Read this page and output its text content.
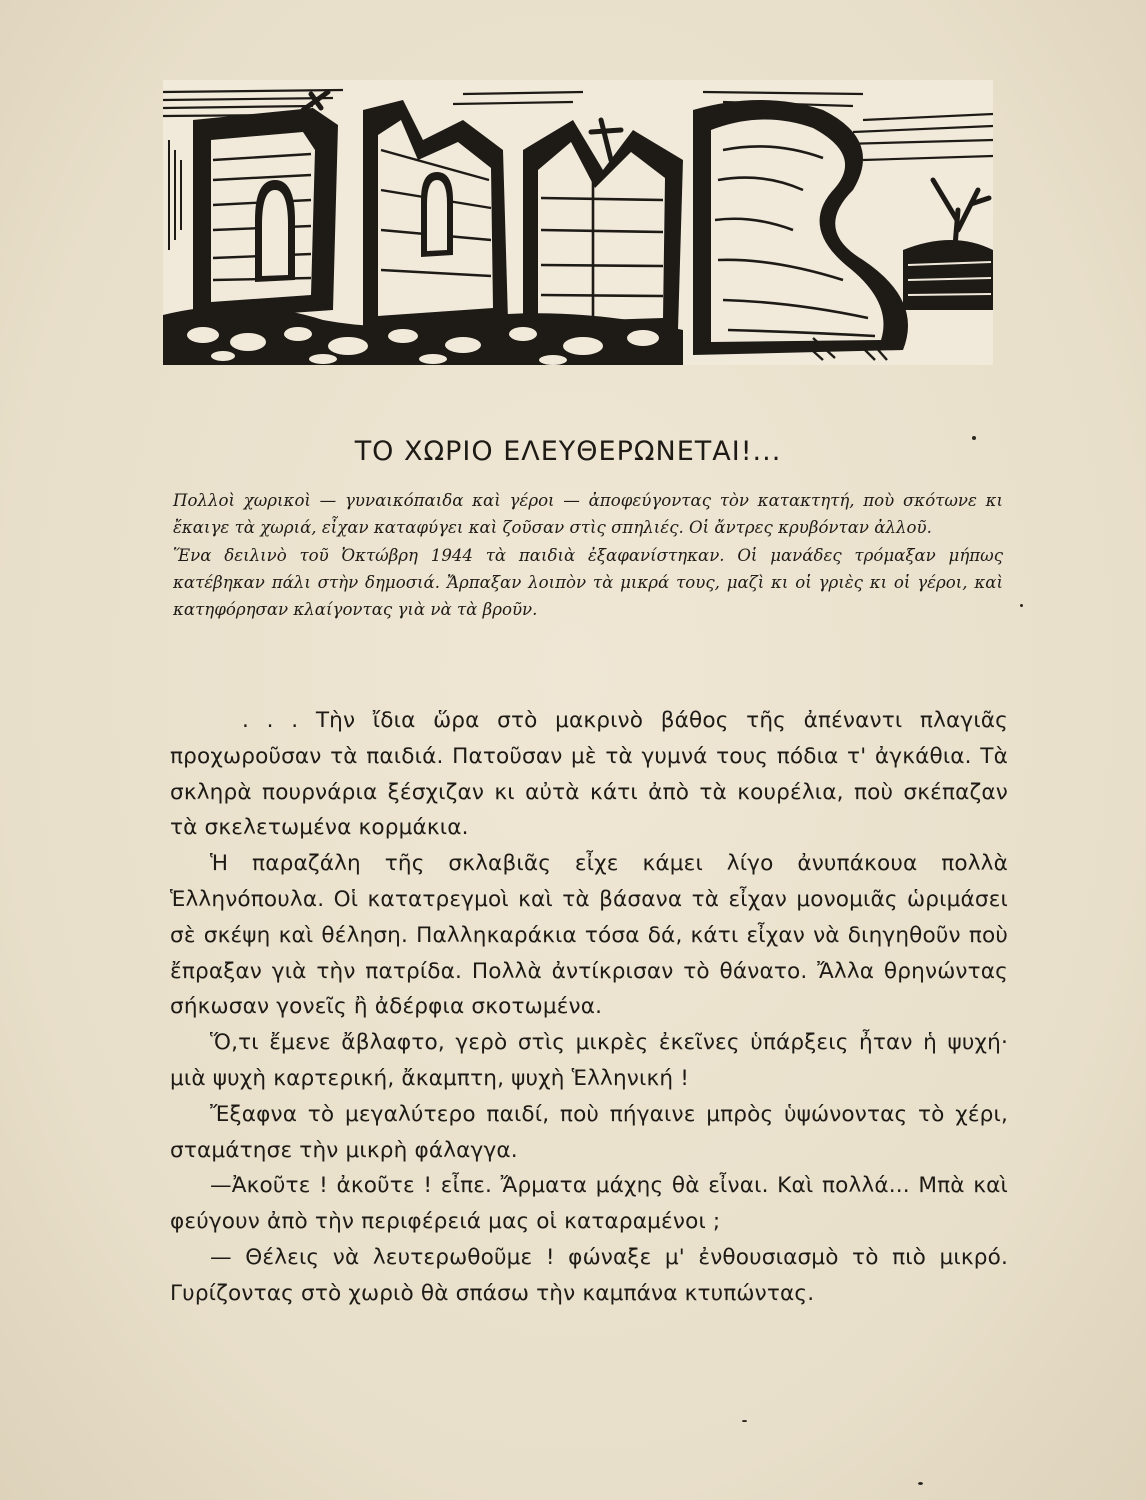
ΤΟ ΧΩΡΙΟ ΕΛΕΥΘΕΡΩΝΕΤΑΙ!...

Πολλοὶ χωρικοὶ — γυναικόπαιδα καὶ γέροι — ἀποφεύγοντας τὸν κατακτητή, ποὺ σκότωνε κι ἔκαιγε τὰ χωριά, εἶχαν καταφύγει καὶ ζοῦσαν στὶς σπηλιές. Οἱ ἄντρες κρυβόνταν ἀλλοῦ.

Ἕνα δειλινὸ τοῦ Ὀκτώβρη 1944 τὰ παιδιὰ ἐξαφανίστηκαν. Οἱ μανάδες τρόμαξαν μήπως κατέβηκαν πάλι στὴν δημοσιά. Ἄρπαξαν λοιπὸν τὰ μικρά τους, μαζὶ κι οἱ γριὲς κι οἱ γέροι, καὶ κατηφόρησαν κλαίγοντας γιὰ νὰ τὰ βροῦν.

. . . Τὴν ἴδια ὥρα στὸ μακρινὸ βάθος τῆς ἀπέναντι πλαγιᾶς προχωροῦσαν τὰ παιδιά. Πατοῦσαν μὲ τὰ γυμνά τους πόδια τ' ἀγκάθια. Τὰ σκληρὰ πουρνάρια ξέσχιζαν κι αὐτὰ κάτι ἀπὸ τὰ κουρέλια, ποὺ σκέπαζαν τὰ σκελετωμένα κορμάκια.

Ἡ παραζάλη τῆς σκλαβιᾶς εἶχε κάμει λίγο ἀνυπάκουα πολλὰ Ἑλληνόπουλα. Οἱ κατατρεγμοὶ καὶ τὰ βάσανα τὰ εἶχαν μονομιᾶς ὡριμάσει σὲ σκέψη καὶ θέληση. Παλληκαράκια τόσα δά, κάτι εἶχαν νὰ διηγηθοῦν ποὺ ἔπραξαν γιὰ τὴν πατρίδα. Πολλὰ ἀντίκρισαν τὸ θάνατο. Ἄλλα θρηνώντας σήκωσαν γονεῖς ἢ ἀδέρφια σκοτωμένα.

Ὅ,τι ἔμενε ἄβλαφτο, γερὸ στὶς μικρὲς ἐκεῖνες ὑπάρξεις ἦταν ἡ ψυχή· μιὰ ψυχὴ καρτερική, ἄκαμπτη, ψυχὴ Ἑλληνική !

Ἔξαφνα τὸ μεγαλύτερο παιδί, ποὺ πήγαινε μπρὸς ὑψώνοντας τὸ χέρι, σταμάτησε τὴν μικρὴ φάλαγγα.

—Ἀκοῦτε ! ἀκοῦτε ! εἶπε. Ἄρματα μάχης θὰ εἶναι. Καὶ πολλά... Μπὰ καὶ φεύγουν ἀπὸ τὴν περιφέρειά μας οἱ καταραμένοι ;

— Θέλεις νὰ λευτερωθοῦμε ! φώναξε μ' ἐνθουσιασμὸ τὸ πιὸ μικρό. Γυρίζοντας στὸ χωριὸ θὰ σπάσω τὴν καμπάνα κτυπώντας.
